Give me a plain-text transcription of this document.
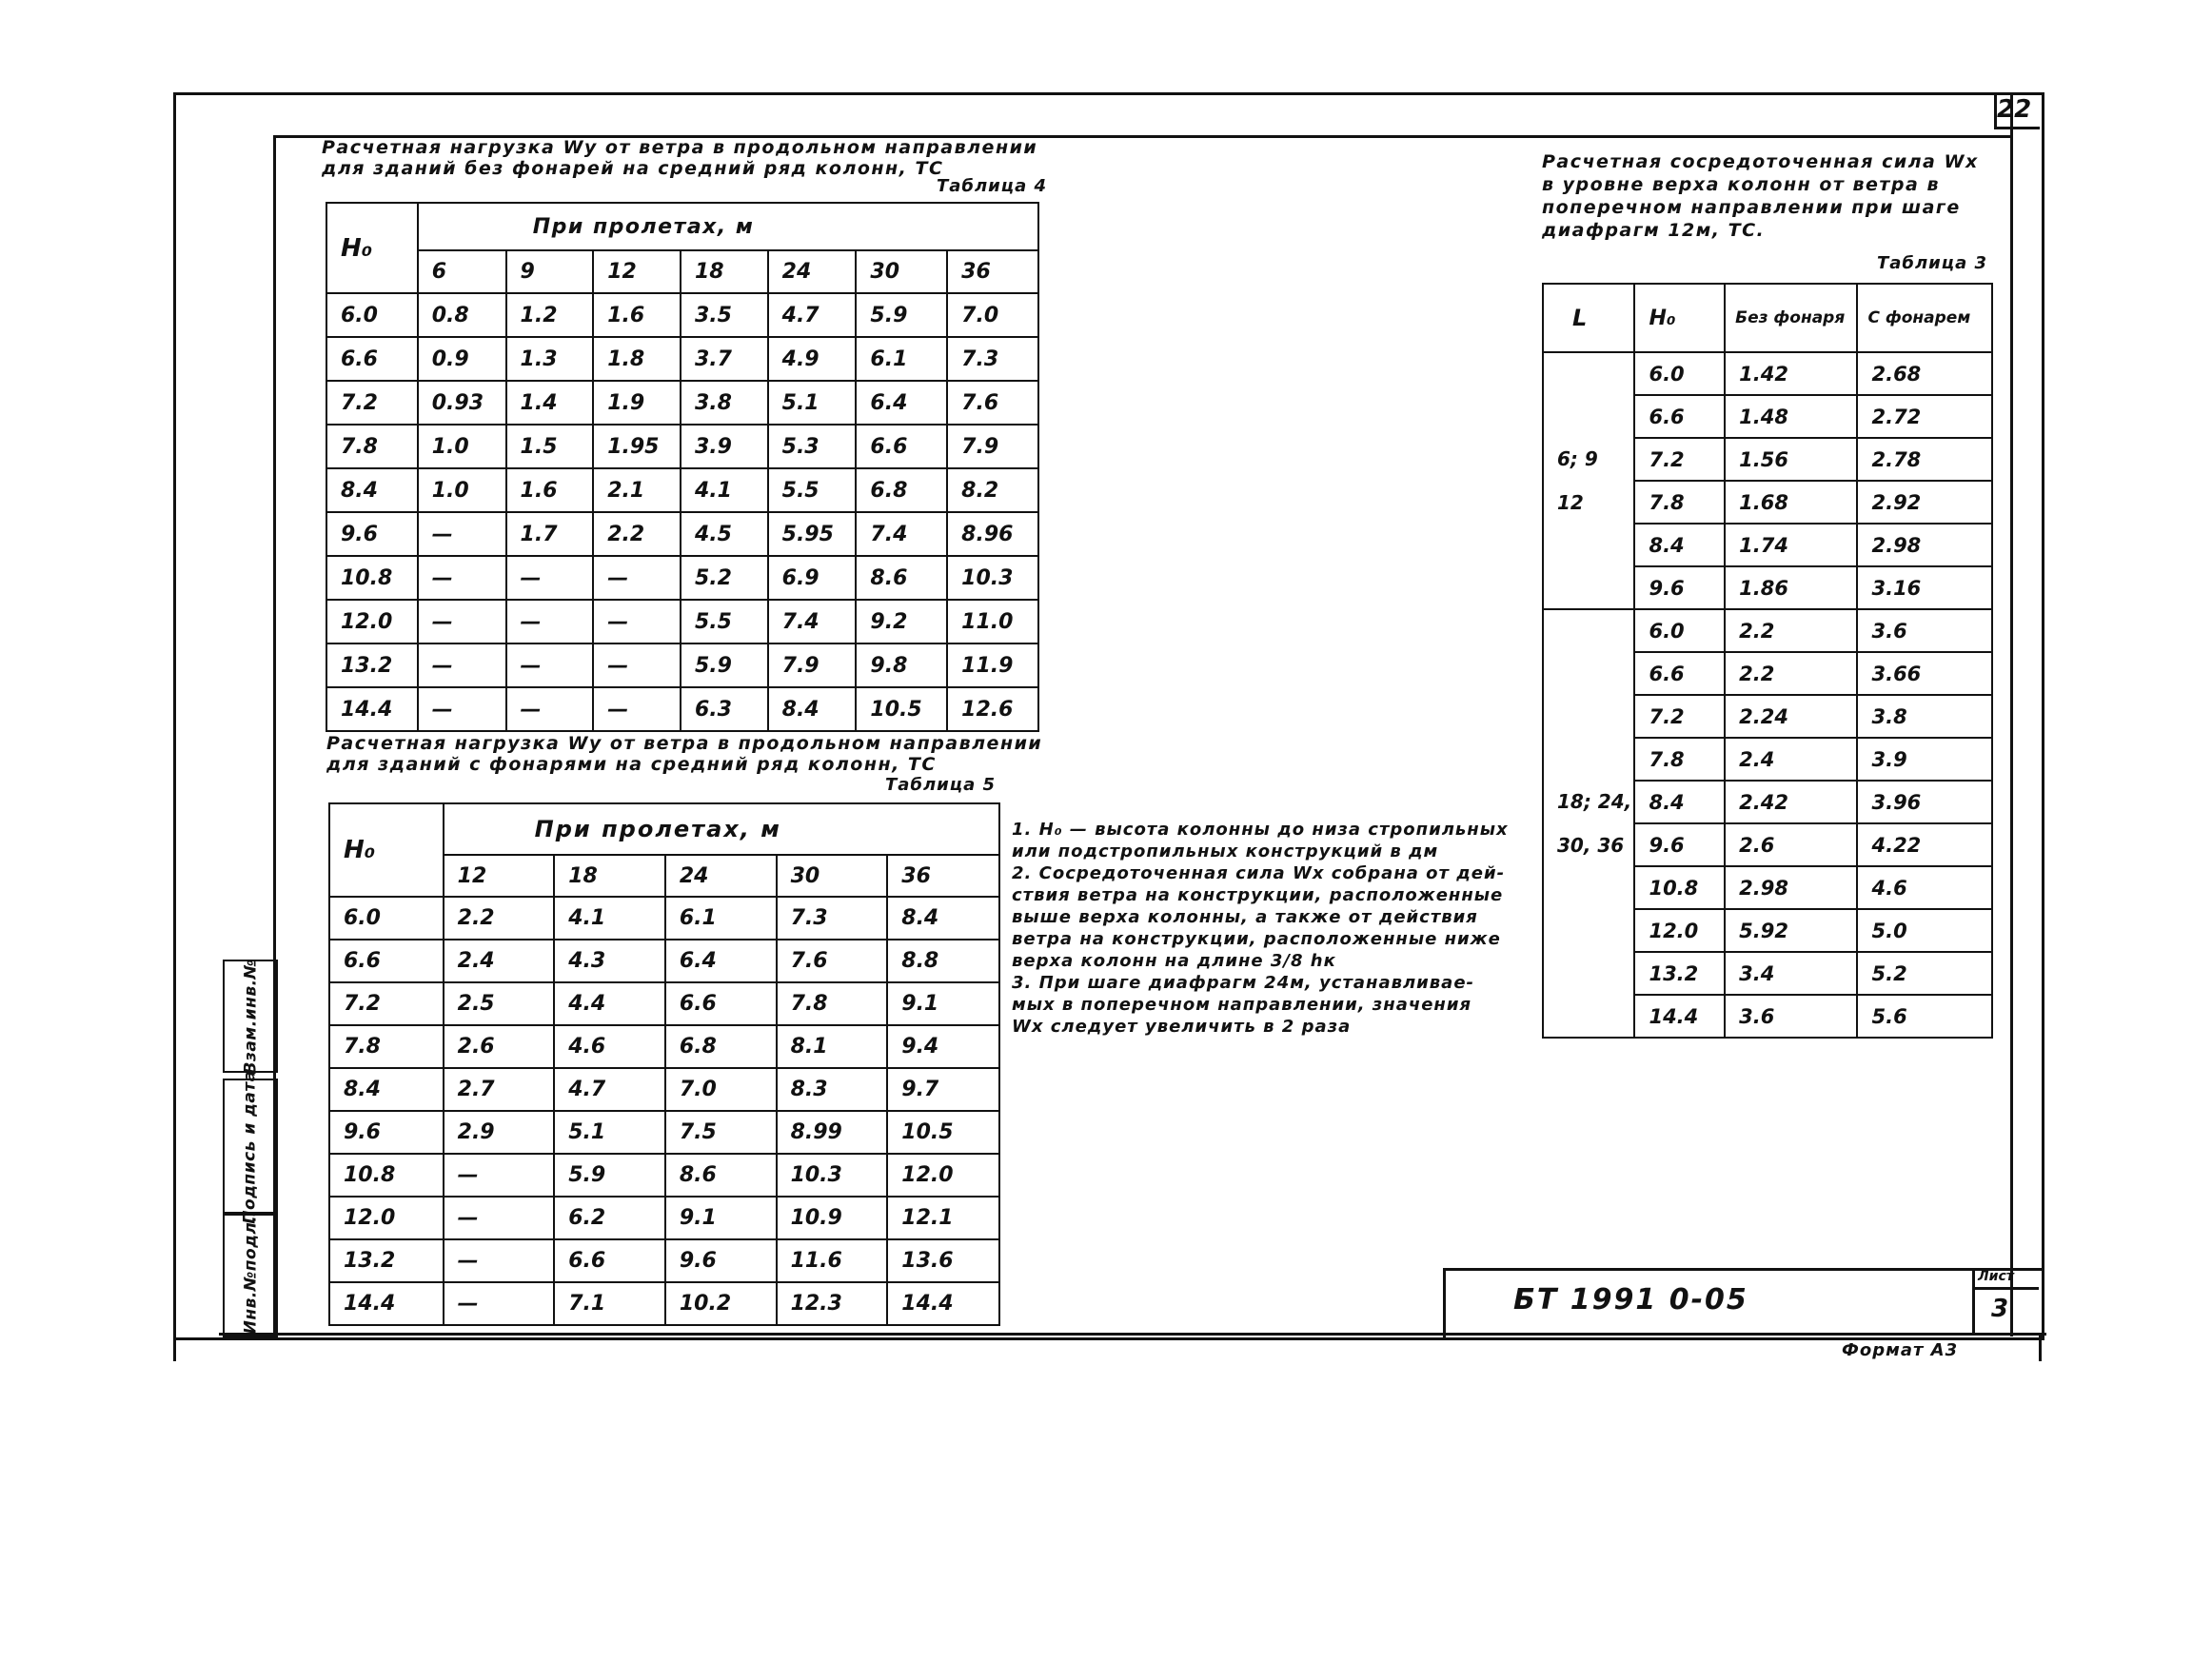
22
Взам.инв.№
Подпись и дата
Инв.№подл.
Расчетная нагрузка Wy от ветра в продольном направлении
для зданий без фонарей на средний ряд колонн, ТС
Таблица 4
Н₀	При пролетах, м						
	6	9	12	18	24	30	36
6.0	0.8	1.2	1.6	3.5	4.7	5.9	7.0
6.6	0.9	1.3	1.8	3.7	4.9	6.1	7.3
7.2	0.93	1.4	1.9	3.8	5.1	6.4	7.6
7.8	1.0	1.5	1.95	3.9	5.3	6.6	7.9
8.4	1.0	1.6	2.1	4.1	5.5	6.8	8.2
9.6	—	1.7	2.2	4.5	5.95	7.4	8.96
10.8	—	—	—	5.2	6.9	8.6	10.3
12.0	—	—	—	5.5	7.4	9.2	11.0
13.2	—	—	—	5.9	7.9	9.8	11.9
14.4	—	—	—	6.3	8.4	10.5	12.6
Расчетная нагрузка Wy от ветра в продольном направлении
для зданий с фонарями на средний ряд колонн, ТС
Таблица 5
Н₀	При пролетах, м				
	12	18	24	30	36
6.0	2.2	4.1	6.1	7.3	8.4
6.6	2.4	4.3	6.4	7.6	8.8
7.2	2.5	4.4	6.6	7.8	9.1
7.8	2.6	4.6	6.8	8.1	9.4
8.4	2.7	4.7	7.0	8.3	9.7
9.6	2.9	5.1	7.5	8.99	10.5
10.8	—	5.9	8.6	10.3	12.0
12.0	—	6.2	9.1	10.9	12.1
13.2	—	6.6	9.6	11.6	13.6
14.4	—	7.1	10.2	12.3	14.4

1. Н₀ — высота колонны до низа стропильных

или подстропильных конструкций в дм

2. Сосредоточенная сила Wx собрана от дей-

ствия ветра на конструкции, расположенные

выше верха колонны, а также от действия

ветра на конструкции, расположенные ниже

верха колонн на длине 3/8 hк

3. При шаге диафрагм 24м, устанавливае-

мых в поперечном направлении, значения

Wx следует увеличить в 2 раза

Расчетная сосредоточенная сила Wx
в уровне верха колонн от ветра в
поперечном направлении при шаге
диафрагм 12м, ТС.
Таблица 3
L	Н₀	Без фонаря	С фонарем

6; 9
12	6.0	1.42	2.68
	6.6	1.48	2.72
	7.2	1.56	2.78
	7.8	1.68	2.92
	8.4	1.74	2.98
	9.6	1.86	3.16

18; 24,
30, 36	6.0	2.2	3.6
	6.6	2.2	3.66
	7.2	2.24	3.8
	7.8	2.4	3.9
	8.4	2.42	3.96
	9.6	2.6	4.22
	10.8	2.98	4.6
	12.0	5.92	5.0
	13.2	3.4	5.2
	14.4	3.6	5.6
БТ 1991 0-05
Лист
3
Формат А3
